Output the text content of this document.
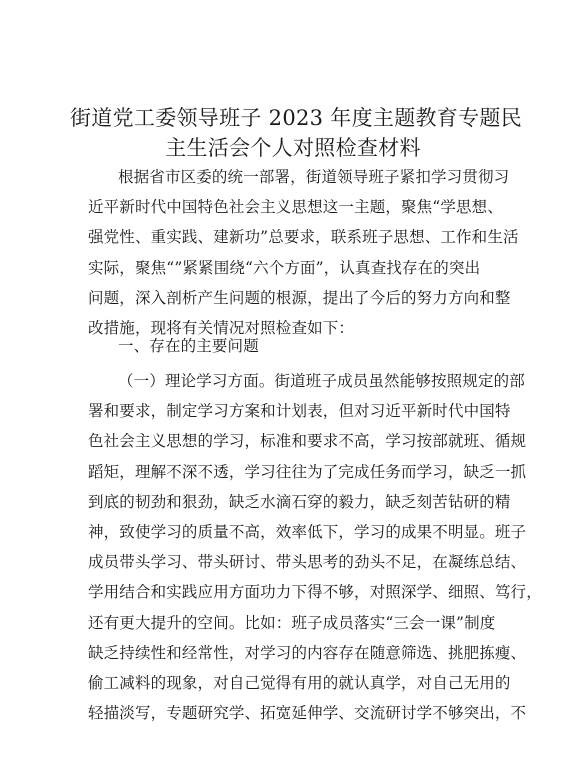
街道党工委领导班子 2023 年度主题教育专题民
主生活会个人对照检查材料
根据省市区委的统一部署，街道领导班子紧扣学习贯彻习
近平新时代中国特色社会主义思想这一主题，聚焦“学思想、
强党性、重实践、建新功”总要求，联系班子思想、工作和生活
实际，聚焦“”紧紧围绕“六个方面”，认真查找存在的突出
问题，深入剖析产生问题的根源，提出了今后的努力方向和整
改措施，现将有关情况对照检查如下：
一、存在的主要问题
（一）理论学习方面。街道班子成员虽然能够按照规定的部
署和要求，制定学习方案和计划表，但对习近平新时代中国特
色社会主义思想的学习，标准和要求不高，学习按部就班、循规
蹈矩，理解不深不透，学习往往为了完成任务而学习，缺乏一抓
到底的韧劲和狠劲，缺乏水滴石穿的毅力，缺乏刻苦钻研的精
神，致使学习的质量不高，效率低下，学习的成果不明显。班子
成员带头学习、带头研讨、带头思考的劲头不足，在凝练总结、
学用结合和实践应用方面功力下得不够，对照深学、细照、笃行，
还有更大提升的空间。比如：班子成员落实“三会一课”制度
缺乏持续性和经常性，对学习的内容存在随意筛选、挑肥拣瘦、
偷工减料的现象，对自己觉得有用的就认真学，对自己无用的
轻描淡写，专题研究学、拓宽延伸学、交流研讨学不够突出，不
